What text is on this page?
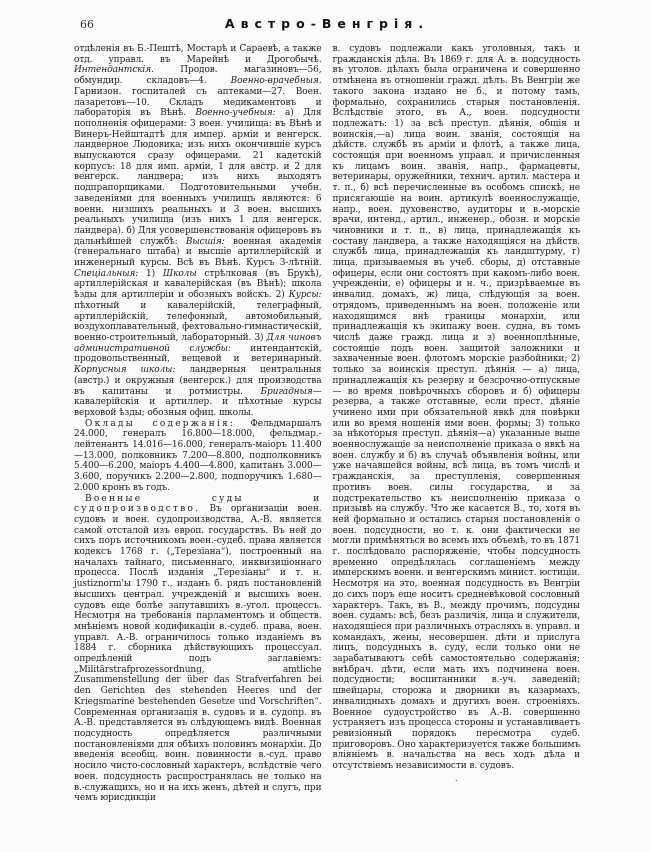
66	Австро-Венгрія.

отдѣленія въ Б.-Пештѣ, Мостарѣ и Сараевѣ, а также отд. управл. въ Марейнѣ и Дрогобычѣ. Интендантскія. Продов. магазиновъ—56, обмундир. складовъ—4. Военно-врачебныя. Гарнизон. госпиталей съ аптеками—27. Воен. лазаретовъ—10. Складъ медикаментовъ и лабораторія въ Вѣнѣ. Военно-учебныя: а) Для пополненія офицерами: 3 воен. училища: въ Вѣнѣ и Винеръ-Нейштадтѣ для импер. арміи и венгерск. ландверное Людовика; изъ нихъ окончившіе курсъ выпускаются сразу офицерами. 21 кадетскій корпусъ: 18 для имп. арміи, 1 для австр. и 2 для венгерск. ландвера; изъ нихъ выходятъ подпрапорщиками. Подготовительными учебн. заведеніями для военныхъ училищъ являются: 6 военн. низшихъ реальныхъ и 3 воен. высшихъ реальныхъ училища (изъ нихъ 1 для венгерск. ландвера). б) Для усовершенствованія офицеровъ въ дальнѣйшей службѣ: Высшія: военная академія (генеральнаго штаба) и высшіе артиллерійскій и инженерный курсы. Всѣ въ Вѣнѣ. Курсъ 3-лѣтній. Спеціальныя: 1) Школы стрѣлковая (въ Брукѣ), артиллерійская и кавалерійская (въ Вѣнѣ); школа ѣзды для артиллеріи и обозныхъ войскъ. 2) Курсы: пѣхотный и кавалерійскій, телеграфный, артиллерійскій, телефонный, автомобильный, воздухоплавательный, фехтовально-гимнастическій, военно-строительный, лабораторный. 3) Для чиновъ административной службы: интендантскій, продовольственный, вещевой и ветеринарный. Корпусныя школы: ландверныя центральныя (австр.) и окружныя (венгерск.) для производства въ капитаны и ротмистры. Бригадныя—кавалерійскія и артиллер. и пѣхотные курсы верховой ѣзды; обозныя офиц. школы.

Оклады содержанія: Фельдмаршалъ 24.000, генералъ 16.800—18.000, фельдмар.-лейтенантъ 14.016—16.000, генералъ-маіоръ 11.400—13.000, полковникъ 7.200—8.800, подполковникъ 5.400—6.200, маіоръ 4.400—4.800, капитанъ 3.000—3.600, поручикъ 2.200—2.800, подпоручикъ 1.680—2.000 кронъ въ годъ.

Военные суды и судопроизводство. Въ организаціи воен. судовъ и воен. судопроизводства, А.-В. является самой отсталой изъ европ. государствъ. Въ ней до сихъ поръ источникомъ воен.-судеб. права является кодексъ 1768 г. („Терезіана“), построенный на началахъ тайнаго, письменнаго, инквизиціоннаго процесса. Послѣ изданія „Терезіаны“ и т. н. justiznorm'ы 1790 г., изданъ б. рядъ постановленій высшихъ централ. учрежденій и высшихъ воен. судовъ еще болѣе запутавшихъ в.-угол. процессъ. Несмотря на требованія парламентомъ и обществ. мнѣніемъ новой кодификаціи в.-судеб. права, воен. управл. А.-В. ограничилось только изданіемъ въ 1884 г. сборника дѣйствующихъ процессуал. опредѣленій подъ заглавіемъ: „Militärstrafprozessordnung, amtliche Zusammenstellung der über das Strafverfahren bei den Gerichten des stehenden Heeres und der Kriegsmarine bestehenden Gesetze und Vorschriften“. Современная организація в. судовъ и в. судопр. въ А.-В. представляется въ слѣдующемъ видѣ. Военная подсудность опредѣляется различными постановленіями для обѣихъ половинъ монархіи. До введенія всеобщ. воин. повинности в.-суд. право носило чисто-сословный характеръ, вслѣдствіе чего воен. подсудность распространялась не только на в.-служащихъ, но и на ихъ женъ, дѣтей и слугъ, при чемъ юрисдикціи

в. судовъ подлежали какъ уголовныя, такъ и гражданскія дѣла. Въ 1869 г. для А. в. подсудность въ уголов. дѣлахъ была ограничена и совершенно отмѣнена въ отношеніи гражд. дѣлъ. Въ Венгріи же такого закона издано не б., и потому тамъ, формально, сохранились старыя постановленія. Вслѣдствіе этого, въ А., воен. подсудности подлежатъ: 1) за всѣ преступ. дѣянія, общія и воинскія,—а) лица воин. званія, состоящія на дѣйств. службѣ въ арміи и флотѣ, а также лица, состоящія при военномъ управл. и причисленныя къ лицамъ воин. званія, напр., фармацевты, ветеринары, оружейники, технич. артил. мастера и т. п., б) всѣ перечисленные въ особомъ спискѣ, не присягающіе на воин. артикулѣ военнослужащіе, напр., воен. духовенство, аудиторы и в.-морскіе врачи, интенд., артил., инженер., обозн. и морскіе чиновники и т. п., в) лица, принадлежащія къ составу ландвера, а также находящіяся на дѣйств. службѣ лица, принадлежащія къ ландштурму, г) лица, призываемыя въ учеб. сборы, д) отставные офицеры, если они состоятъ при какомъ-либо воен. учрежденіи, е) офицеры и н. ч., призрѣваемые въ инвалид. домахъ, ж) лица, слѣдующія за воен. отрядомъ, приведеннымъ на воен. положеніе или находящимся внѣ границы монархіи, или принадлежащія къ экипажу воен. судна, въ томъ числѣ даже гражд. лица и з) военноплѣнные, состоящіе подъ воен. защитой заложники и захваченные воен. флотомъ морскіе разбойники; 2) только за воинскія преступ. дѣянія — а) лица, принадлежащія къ резерву и безсрочно-отпускные — во время повѣрочныхъ сборовъ и б) офицеры резерва, а также отставные, если прест. дѣяніе учинено ими при обязательной явкѣ для повѣрки или во время ношенія ими воен. формы; 3) только за нѣкоторыя преступ. дѣянія—а) указанные выше военнослужащіе за неисполненіе приказа о явкѣ на воен. службу и б) въ случаѣ объявленія войны, или уже начавшейся войны, всѣ лица, въ томъ числѣ и гражданскія, за преступленія, совершенныя противъ воен. силы государства, и за подстрекательство къ неисполненію приказа о призывѣ на службу. Что же касается В., то, хотя въ ней формально и остались старыя постановленія о воен. подсудности, но т. к. они фактически не могли примѣняться во всемъ ихъ объемѣ, то въ 1871 г. послѣдовало распоряженіе, чтобы подсудность временно опредѣлялась соглашеніемъ между имперскимъ военн. и венгерскимъ минист. юстиціи. Несмотря на это, военная подсудность въ Венгріи до сихъ поръ еще носитъ средневѣковой сословный характеръ. Такъ, въ В., между прочимъ, подсудны воен. судамъ: всѣ, безъ различія, лица и служители, находящіеся при различныхъ отрасляхъ в. управл. и командахъ, жены, несовершен. дѣти и прислуга лицъ, подсудныхъ в. суду, если только они не зарабатываютъ себѣ самостоятельно содержанія; внѣбрач. дѣти, если мать ихъ подчинена воен. подсудности; воспитанники в.-уч. заведеній; швейцары, сторожа и дворники въ казармахъ, инвалидныхъ домахъ и другихъ воен. строеніяхъ. Военное судоустройство въ А.-В. совершенно устраняетъ изъ процесса стороны и устанавливаетъ ревизіонный порядокъ пересмотра судеб. приговоровъ. Оно характеризуется также большимъ вліяніемъ в. начальства на весь ходъ дѣла и отсутствіемъ независимости в. судовъ.

.
